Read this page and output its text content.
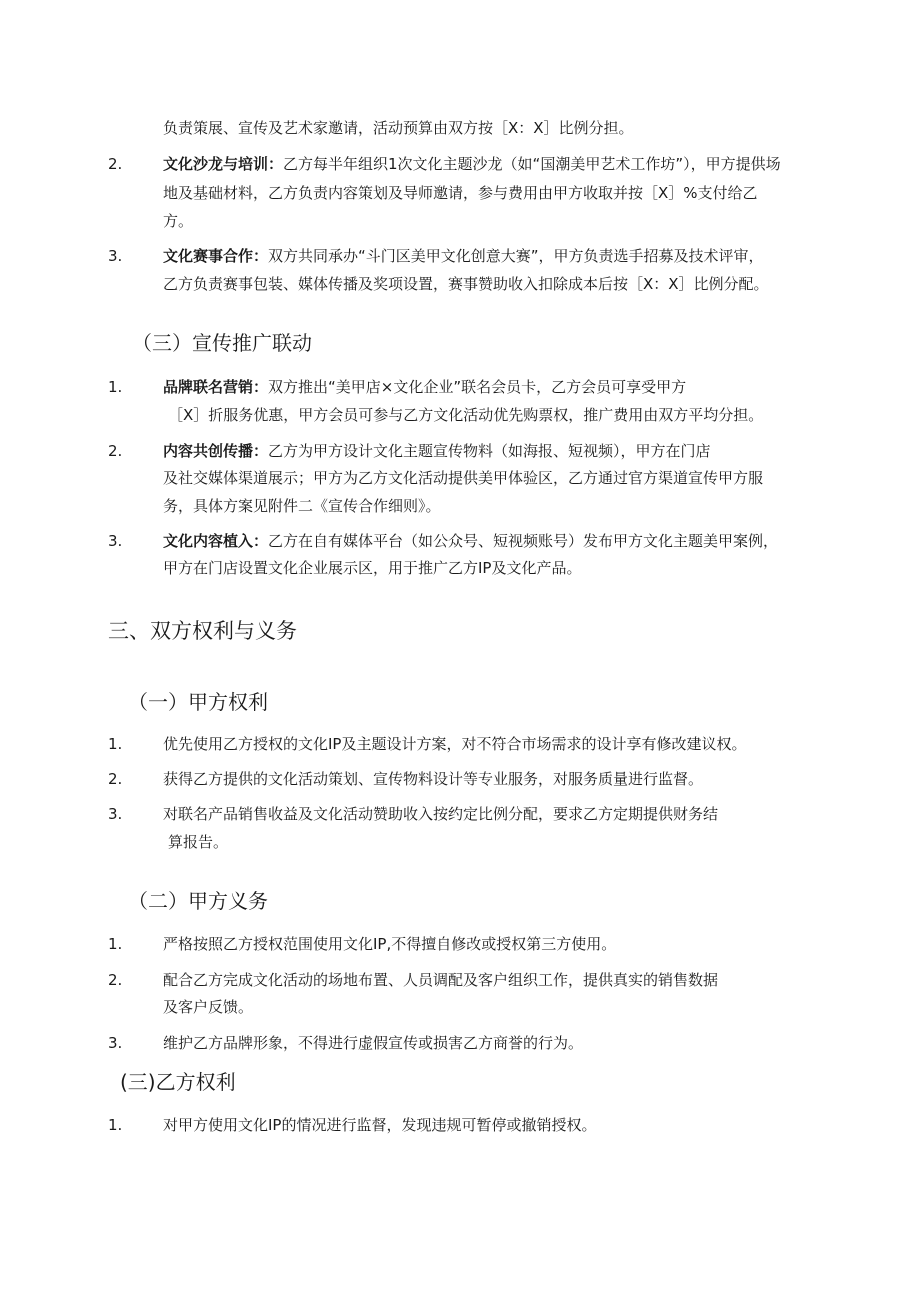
负责策展、宣传及艺术家邀请，活动预算由双方按［X：X］比例分担。
2.	文化沙龙与培训：乙方每半年组织1次文化主题沙龙（如“国潮美甲艺术工作坊”），甲方提供场
地及基础材料，乙方负责内容策划及导师邀请，参与费用由甲方收取并按［X］%支付给乙
方。
3.	文化赛事合作：双方共同承办“斗门区美甲文化创意大赛”，甲方负责选手招募及技术评审，
乙方负责赛事包装、媒体传播及奖项设置，赛事赞助收入扣除成本后按［X：X］比例分配。
（三）宣传推广联动
1.	品牌联名营销：双方推出“美甲店×文化企业”联名会员卡，乙方会员可享受甲方
［X］折服务优惠，甲方会员可参与乙方文化活动优先购票权，推广费用由双方平均分担。
2.	内容共创传播：乙方为甲方设计文化主题宣传物料（如海报、短视频），甲方在门店
及社交媒体渠道展示；甲方为乙方文化活动提供美甲体验区，乙方通过官方渠道宣传甲方服
务，具体方案见附件二《宣传合作细则》。
3.	文化内容植入：乙方在自有媒体平台（如公众号、短视频账号）发布甲方文化主题美甲案例，
甲方在门店设置文化企业展示区，用于推广乙方IP及文化产品。
三、双方权利与义务
（一）甲方权利
1.	优先使用乙方授权的文化IP及主题设计方案，对不符合市场需求的设计享有修改建议权。
2.	获得乙方提供的文化活动策划、宣传物料设计等专业服务，对服务质量进行监督。
3.	对联名产品销售收益及文化活动赞助收入按约定比例分配，要求乙方定期提供财务结
算报告。
（二）甲方义务
1.	严格按照乙方授权范围使用文化IP,不得擅自修改或授权第三方使用。
2.	配合乙方完成文化活动的场地布置、人员调配及客户组织工作，提供真实的销售数据
及客户反馈。
3.	维护乙方品牌形象，不得进行虚假宣传或损害乙方商誉的行为。
(三)乙方权利
1.	对甲方使用文化IP的情况进行监督，发现违规可暂停或撤销授权。
